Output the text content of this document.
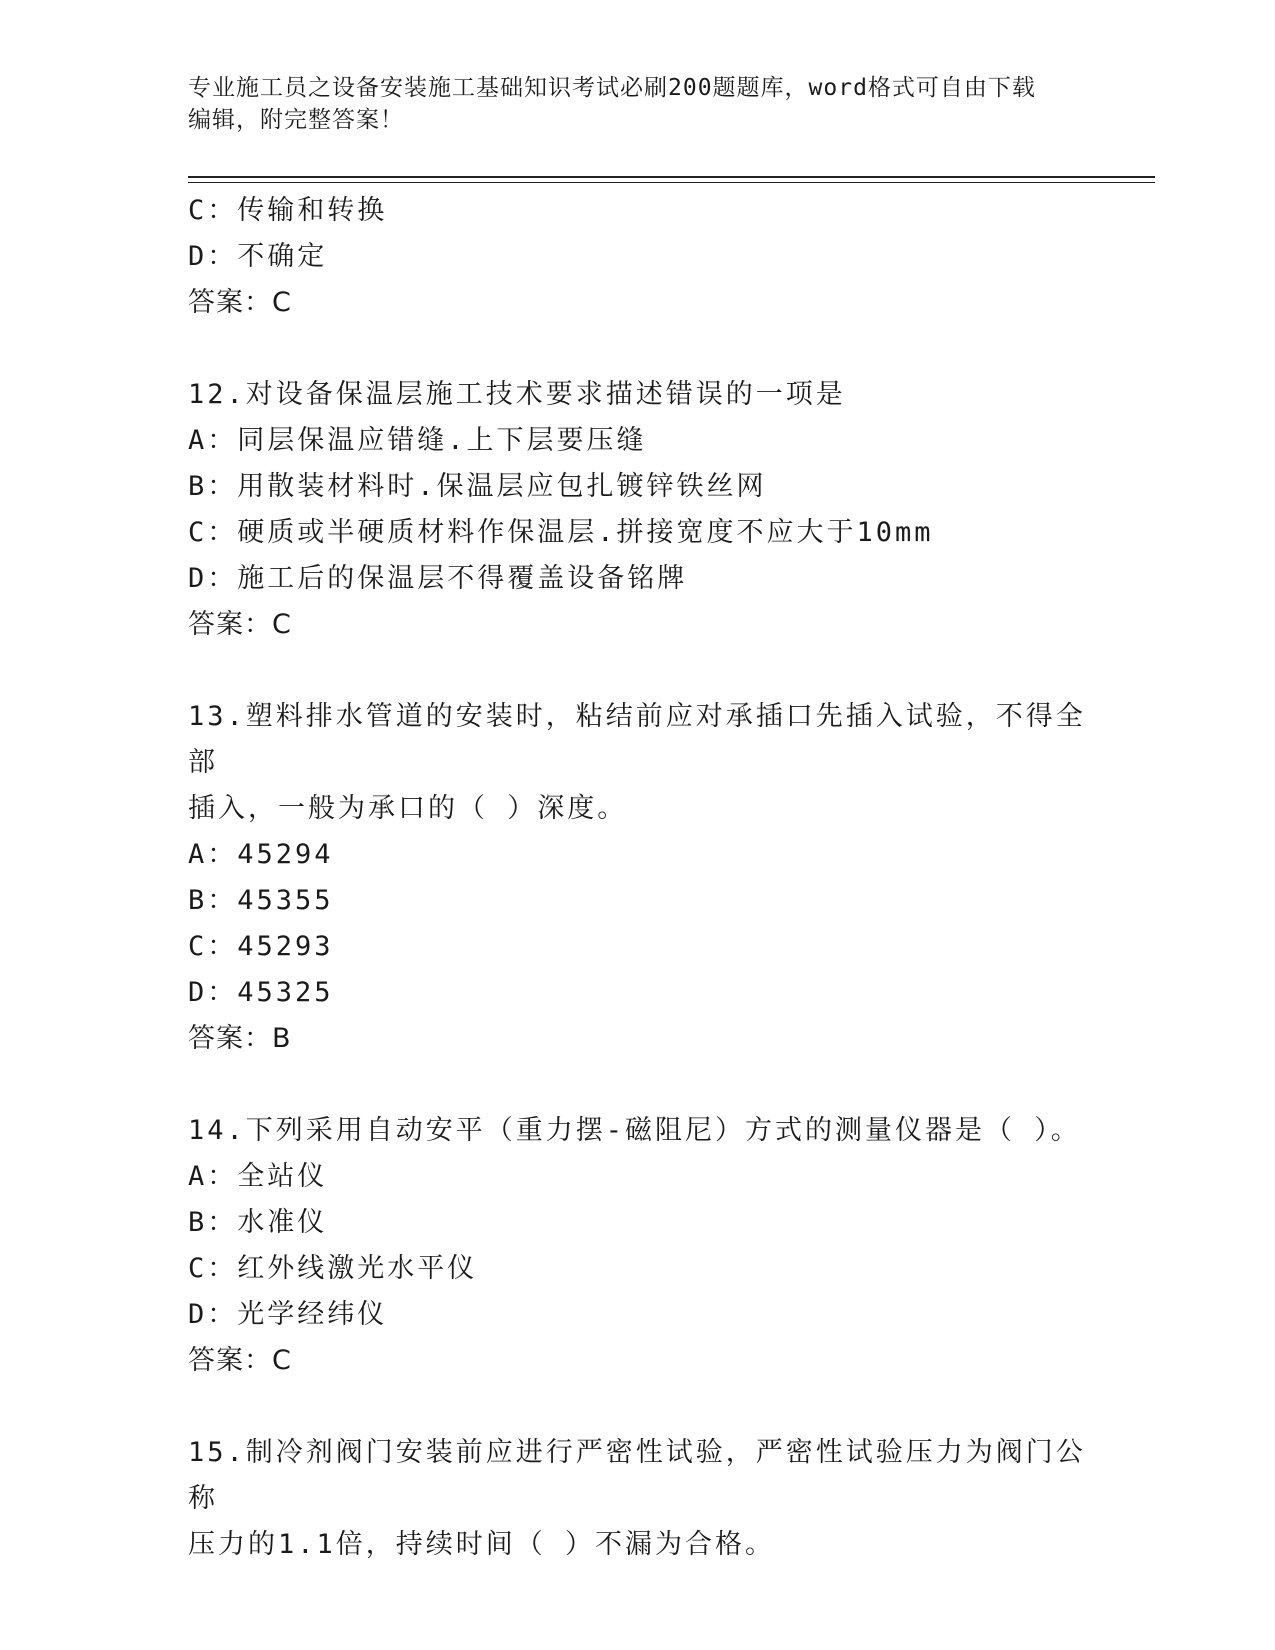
专业施工员之设备安装施工基础知识考试必刷200题题库，word格式可自由下载

编辑，附完整答案！

C：传输和转换
D：不确定
答案：C
12.对设备保温层施工技术要求描述错误的一项是
A：同层保温应错缝.上下层要压缝
B：用散装材料时.保温层应包扎镀锌铁丝网
C：硬质或半硬质材料作保温层.拼接宽度不应大于10mm
D：施工后的保温层不得覆盖设备铭牌
答案：C
13.塑料排水管道的安装时，粘结前应对承插口先插入试验，不得全部
插入，一般为承口的（ ）深度。
A：45294
B：45355
C：45293
D：45325
答案：B
14.下列采用自动安平（重力摆-磁阻尼）方式的测量仪器是（ ）。
A：全站仪
B：水准仪
C：红外线激光水平仪
D：光学经纬仪
答案：C
15.制冷剂阀门安装前应进行严密性试验，严密性试验压力为阀门公称
压力的1.1倍，持续时间（ ）不漏为合格。
